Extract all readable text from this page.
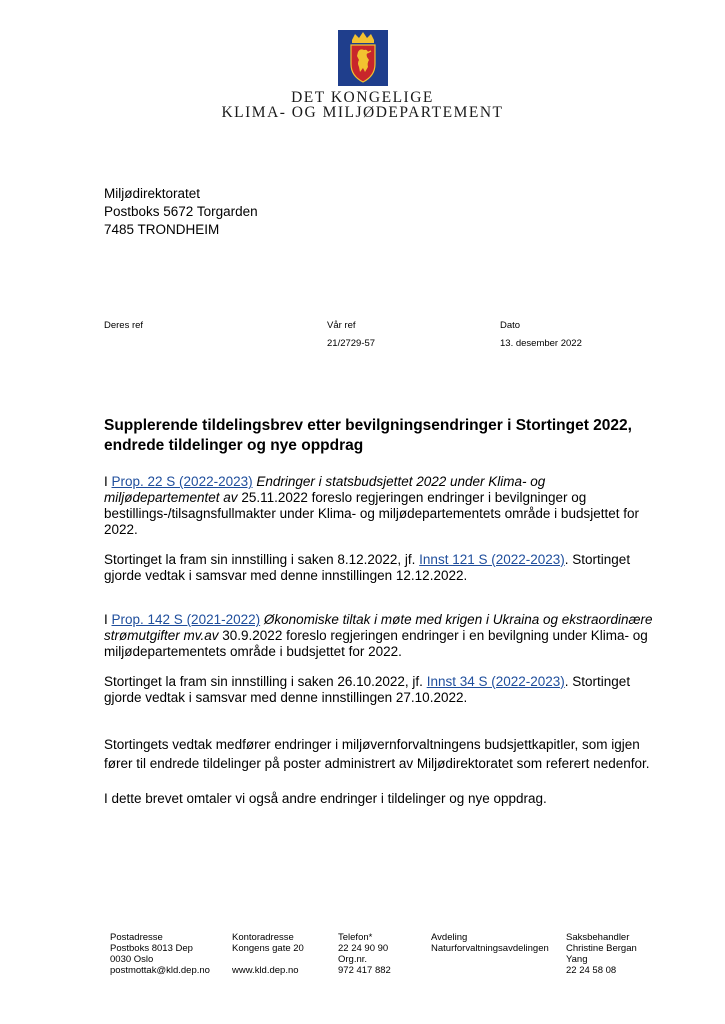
DET KONGELIGE
KLIMA- OG MILJØDEPARTEMENT
Miljødirektoratet
Postboks 5672 Torgarden
7485 TRONDHEIM
Deres ref	Vår ref
21/2729-57
Dato
13. desember 2022
Supplerende tildelingsbrev etter bevilgningsendringer i Stortinget 2022, endrede tildelinger og nye oppdrag
I Prop. 22 S (2022-2023) Endringer i statsbudsjettet 2022 under Klima- og miljødepartementet av 25.11.2022 foreslo regjeringen endringer i bevilgninger og bestillings-/tilsagnsfullmakter under Klima- og miljødepartementets område i budsjettet for 2022.
Stortinget la fram sin innstilling i saken 8.12.2022, jf. Innst 121 S (2022-2023). Stortinget gjorde vedtak i samsvar med denne innstillingen 12.12.2022.
I Prop. 142 S (2021-2022) Økonomiske tiltak i møte med krigen i Ukraina og ekstraordinære strømutgifter mv.av 30.9.2022 foreslo regjeringen endringer i en bevilgning under Klima- og miljødepartementets område i budsjettet for 2022.
Stortinget la fram sin innstilling i saken 26.10.2022, jf. Innst 34 S (2022-2023). Stortinget gjorde vedtak i samsvar med denne innstillingen 27.10.2022.
Stortingets vedtak medfører endringer i miljøvernforvaltningens budsjettkapitler, som igjen fører til endrede tildelinger på poster administrert av Miljødirektoratet som referert nedenfor.
I dette brevet omtaler vi også andre endringer i tildelinger og nye oppdrag.
Postadresse
Postboks 8013 Dep
0030 Oslo
postmottak@kld.dep.no
Kontoradresse
Kongens gate 20

www.kld.dep.no
Telefon*
22 24 90 90
Org.nr.
972 417 882
Avdeling
Naturforvaltningsavdelingen
Saksbehandler
Christine Bergan
Yang
22 24 58 08
